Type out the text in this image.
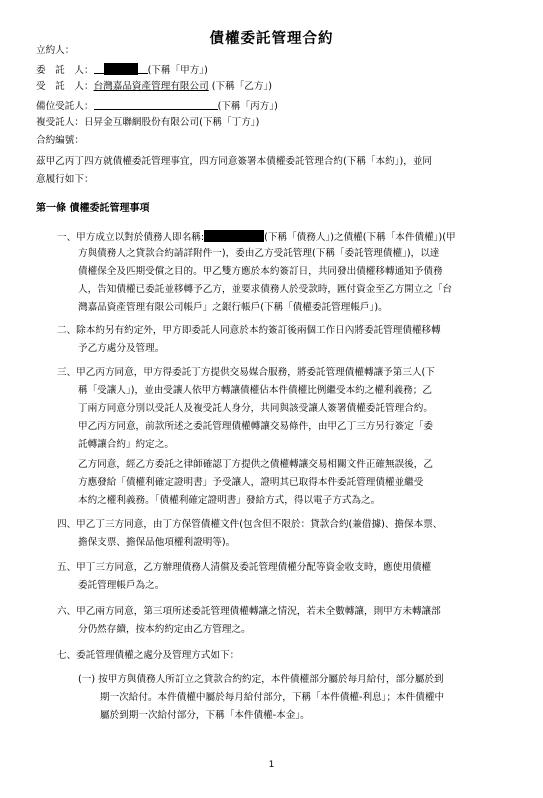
債權委託管理合約
立約人：
委　託　人：	(下稱「甲方」)
受　託　人：台灣嘉品資產管理有限公司 (下稱「乙方」)
備位受託人：	(下稱「丙方」)
複受託人：日昇金互聯網股份有限公司(下稱「丁方」)
合約編號：
茲甲乙丙丁四方就債權委託管理事宜，四方同意簽署本債權委託管理合約(下稱「本約」)，並同
意履行如下：
第一條 債權委託管理事項
一、甲方成立以對於債務人即名稱:	(下稱「債務人」)之債權(下稱「本件債權」)(甲
方與債務人之貸款合約請詳附件一)，委由乙方受託管理(下稱「委託管理債權」)，以達
債權保全及匹期受償之目的。甲乙雙方應於本約簽訂日，共同發出債權移轉通知予債務
人，告知債權已委託並移轉予乙方，並要求債務人於受款時，匯付資金至乙方開立之「台
灣嘉品資產管理有限公司帳戶」之銀行帳戶(下稱「債權委託管理帳戶」)。
二、除本約另有約定外，甲方即委託人同意於本約簽訂後兩個工作日內將委託管理債權移轉
予乙方處分及管理。
三、甲乙丙方同意，甲方得委託丁方提供交易媒合服務，將委託管理債權轉讓予第三人(下
稱「受讓人」)，並由受讓人依甲方轉讓債權佔本件債權比例繼受本約之權利義務；乙
丁兩方同意分別以受託人及複受託人身分，共同與該受讓人簽署債權委託管理合約。
甲乙丙方同意，前款所述之委託管理債權轉讓交易條件，由甲乙丁三方另行簽定「委
託轉讓合約」約定之。
乙方同意，經乙方委託之律師確認丁方提供之債權轉讓交易相關文件正確無誤後，乙
方應發給「債權利確定證明書」予受讓人，證明其已取得本件委託管理債權並繼受
本約之權利義務。「債權利確定證明書」發給方式，得以電子方式為之。
四、甲乙丁三方同意，由丁方保管債權文件(包含但不限於：貸款合約(兼借據)、擔保本票、
擔保支票、擔保品他項權利證明等)。
五、甲丁三方同意，乙方辦理債務人清償及委託管理債權分配等資金收支時，應使用債權
委託管理帳戶為之。
六、甲乙兩方同意，第三項所述委託管理債權轉讓之情況，若未全數轉讓，則甲方未轉讓部
分仍然存續，按本約約定由乙方管理之。
七、委託管理債權之處分及管理方式如下：
(一) 按甲方與債務人所訂立之貸款合約約定，本件債權部分屬於每月給付，部分屬於到
期一次給付。本件債權中屬於每月給付部分，下稱「本件債權-利息」；本件債權中
屬於到期一次給付部分，下稱「本件債權-本金」。
1
